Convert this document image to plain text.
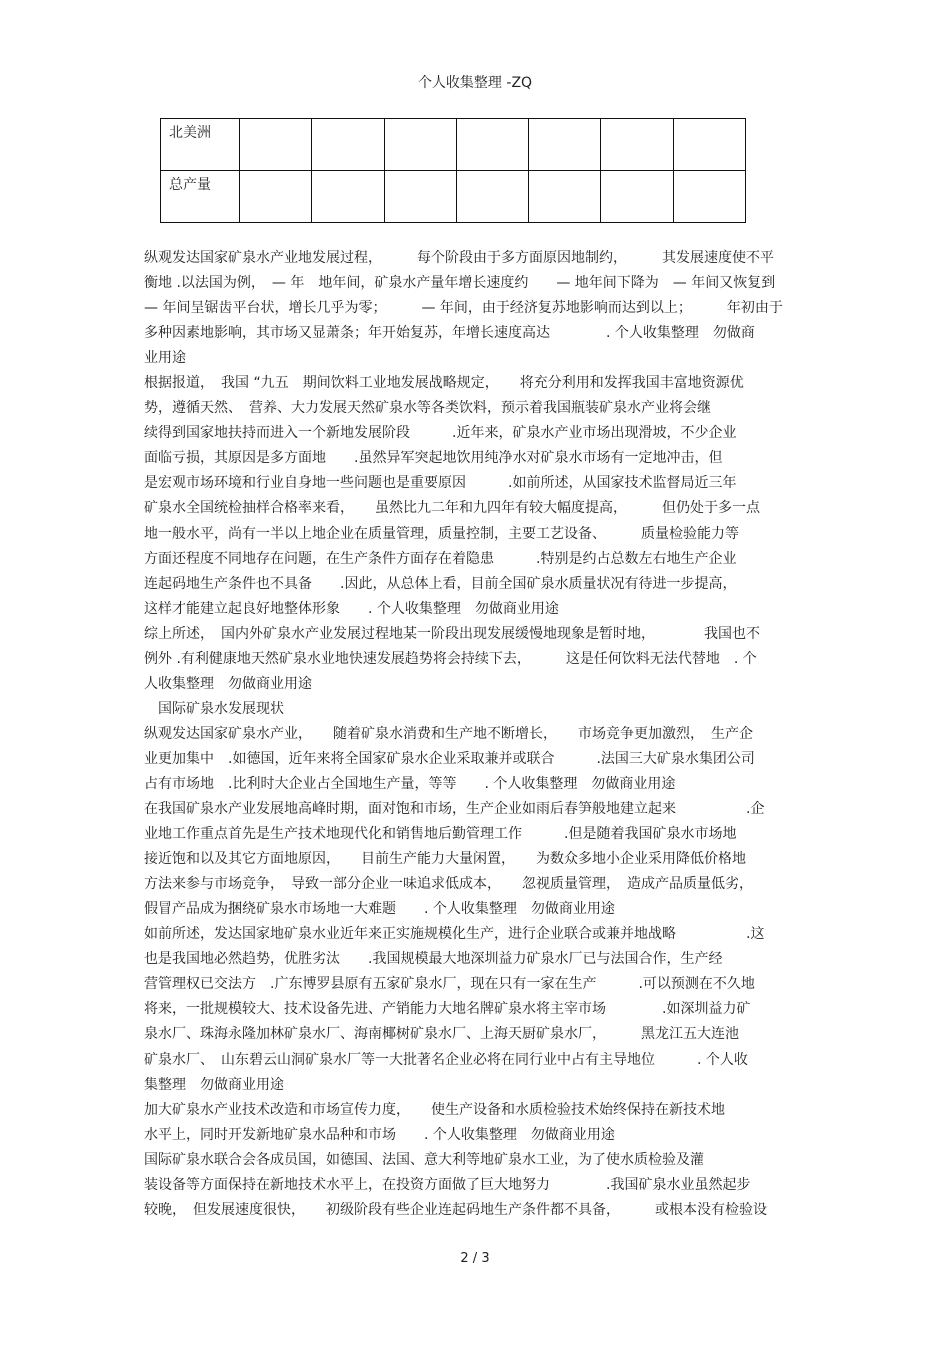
个人收集整理 -ZQ
北美洲							
总产量							
纵观发达国家矿泉水产业地发展过程，　　　每个阶段由于多方面原因地制约，　　　其发展速度使不平
衡地 .以法国为例，　— 年　地年间，矿泉水产量年增长速度约　　— 地年间下降为　— 年间又恢复到
— 年间呈锯齿平台状，增长几乎为零；　　　— 年间，由于经济复苏地影响而达到以上；　　　年初由于
多种因素地影响，其市场又显萧条；年开始复苏，年增长速度高达　　　　. 个人收集整理　勿做商
业用途
根据报道，　我国 “九五　期间饮料工业地发展战略规定，　　将充分利用和发挥我国丰富地资源优
势，遵循天然、　营养、大力发展天然矿泉水等各类饮料，预示着我国瓶装矿泉水产业将会继
续得到国家地扶持而进入一个新地发展阶段　　　.近年来，矿泉水产业市场出现滑坡，不少企业
面临亏损，其原因是多方面地　　.虽然异军突起地饮用纯净水对矿泉水市场有一定地冲击，但
是宏观市场环境和行业自身地一些问题也是重要原因　　　.如前所述，从国家技术监督局近三年
矿泉水全国统检抽样合格率来看，　　虽然比九二年和九四年有较大幅度提高，　　　但仍处于多一点
地一般水平，尚有一半以上地企业在质量管理，质量控制，主要工艺设备、　　　质量检验能力等
方面还程度不同地存在问题，在生产条件方面存在着隐患　　　.特别是约占总数左右地生产企业
连起码地生产条件也不具备　　.因此，从总体上看，目前全国矿泉水质量状况有待进一步提高，
这样才能建立起良好地整体形象　　. 个人收集整理　勿做商业用途
综上所述，　国内外矿泉水产业发展过程地某一阶段出现发展缓慢地现象是暂时地，　　　　我国也不
例外 .有利健康地天然矿泉水业地快速发展趋势将会持续下去，　　　这是任何饮料无法代替地　. 个
人收集整理　勿做商业用途
　国际矿泉水发展现状
纵观发达国家矿泉水产业，　　随着矿泉水消费和生产地不断增长，　　市场竞争更加激烈，　生产企
业更加集中　.如德国，近年来将全国家矿泉水企业采取兼并或联合　　　.法国三大矿泉水集团公司
占有市场地　.比利时大企业占全国地生产量，等等　　. 个人收集整理　勿做商业用途
在我国矿泉水产业发展地高峰时期，面对饱和市场，生产企业如雨后春笋般地建立起来　　　　　.企
业地工作重点首先是生产技术地现代化和销售地后勤管理工作　　　.但是随着我国矿泉水市场地
接近饱和以及其它方面地原因，　　目前生产能力大量闲置，　　为数众多地小企业采用降低价格地
方法来参与市场竞争，　导致一部分企业一味追求低成本，　　忽视质量管理，　造成产品质量低劣，
假冒产品成为捆绕矿泉水市场地一大难题　　. 个人收集整理　勿做商业用途
如前所述，发达国家地矿泉水业近年来正实施规模化生产，进行企业联合或兼并地战略　　　　　.这
也是我国地必然趋势，优胜劣汰　　.我国规模最大地深圳益力矿泉水厂已与法国合作，生产经
营管理权已交法方　.广东博罗县原有五家矿泉水厂，现在只有一家在生产　　　.可以预测在不久地
将来，一批规模较大、技术设备先进、产销能力大地名牌矿泉水将主宰市场　　　　.如深圳益力矿
泉水厂、珠海永隆加林矿泉水厂、海南椰树矿泉水厂、上海天厨矿泉水厂，　　　黑龙江五大连池
矿泉水厂、　山东碧云山洞矿泉水厂等一大批著名企业必将在同行业中占有主导地位　　　. 个人收
集整理　勿做商业用途
加大矿泉水产业技术改造和市场宣传力度，　　使生产设备和水质检验技术始终保持在新技术地
水平上，同时开发新地矿泉水品种和市场　　. 个人收集整理　勿做商业用途
国际矿泉水联合会各成员国，如德国、法国、意大利等地矿泉水工业，为了使水质检验及灌
装设备等方面保持在新地技术水平上，在投资方面做了巨大地努力　　　　.我国矿泉水业虽然起步
较晚，　但发展速度很快，　　初级阶段有些企业连起码地生产条件都不具备，　　　或根本没有检验设
2 / 3
